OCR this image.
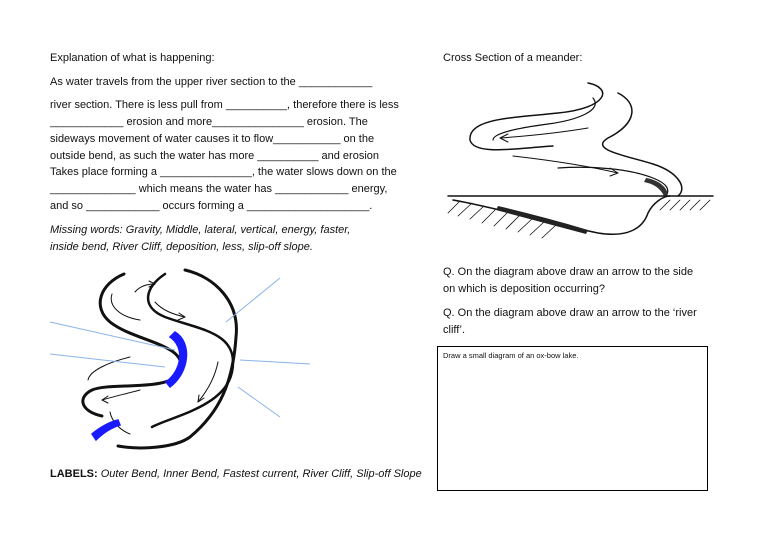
Explanation of what is happening:
As water travels from the upper river section to the ____________
river section. There is less pull from __________, therefore there is less
____________ erosion and more_______________ erosion. The
sideways movement of water causes it to flow___________ on the
outside bend, as such the water has more __________ and erosion
Takes place forming a _______________, the water slows down on the
______________ which means the water has ____________ energy,
and so ____________ occurs forming a ____________________.
Missing words: Gravity, Middle, lateral, vertical, energy, faster,
inside bend, River Cliff, deposition, less, slip-off slope.
LABELS: Outer Bend, Inner Bend, Fastest current, River Cliff, Slip-off Slope
Cross Section of a meander:
Q. On the diagram above draw an arrow to the side
on which is deposition occurring?
Q. On the diagram above draw an arrow to the ‘river
cliff’.
Draw a small diagram of an ox-bow lake.
